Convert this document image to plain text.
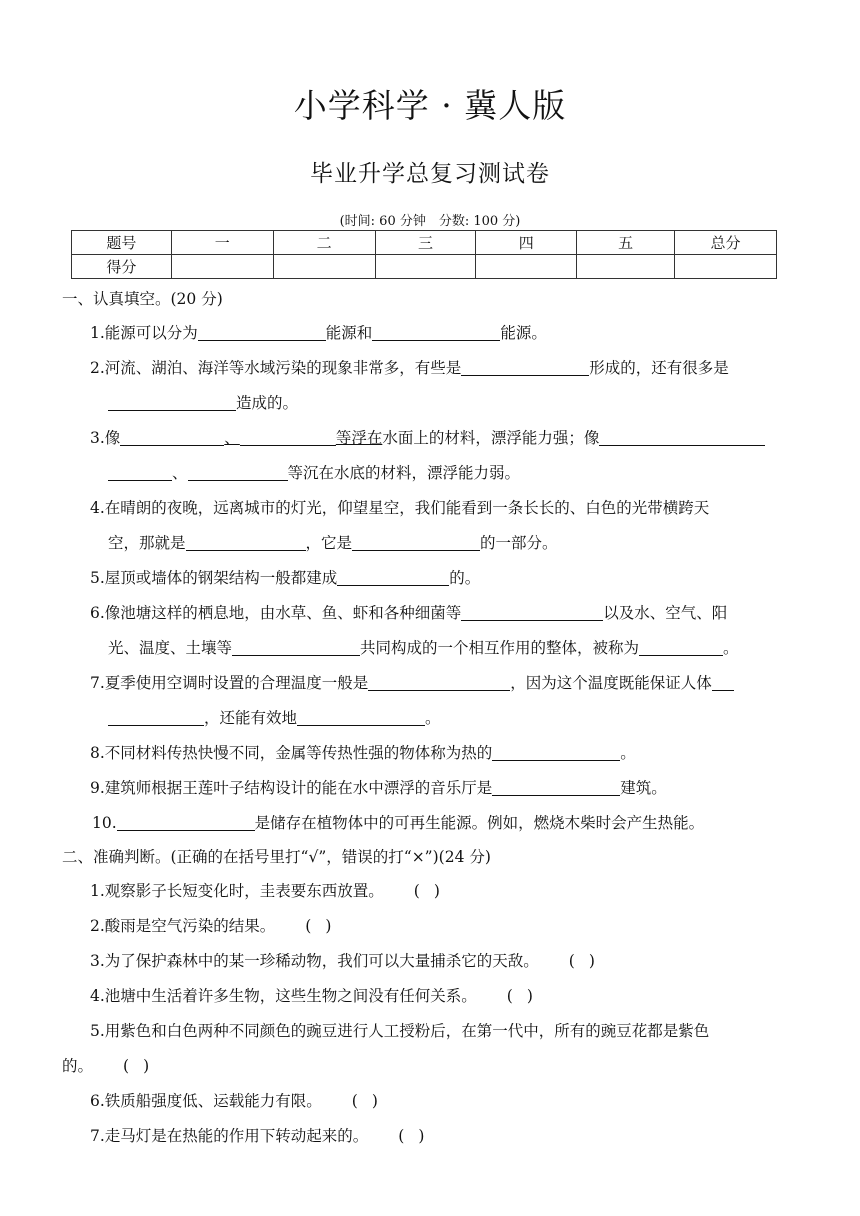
小学科学 · 冀人版
毕业升学总复习测试卷
(时间: 60 分钟　分数: 100 分)
题号	一	二	三	四	五	总分
得分						
一、认真填空。(20 分)
1.能源可以分为	能源和	能源。
2.河流、湖泊、海洋等水域污染的现象非常多，有些是	形成的，还有很多是
造成的。
3.像	、	等浮在水面上的材料，漂浮能力强；像
、	等沉在水底的材料，漂浮能力弱。
4.在晴朗的夜晚，远离城市的灯光，仰望星空，我们能看到一条长长的、白色的光带横跨天
空，那就是	，它是	的一部分。
5.屋顶或墙体的钢架结构一般都建成	的。
6.像池塘这样的栖息地，由水草、鱼、虾和各种细菌等	以及水、空气、阳
光、温度、土壤等	共同构成的一个相互作用的整体，被称为	。
7.夏季使用空调时设置的合理温度一般是	，因为这个温度既能保证人体
，还能有效地	。
8.不同材料传热快慢不同，金属等传热性强的物体称为热的	。
9.建筑师根据王莲叶子结构设计的能在水中漂浮的音乐厅是	建筑。
10.	是储存在植物体中的可再生能源。例如，燃烧木柴时会产生热能。
二、准确判断。(正确的在括号里打“√”，错误的打“×”)(24 分)
1.观察影子长短变化时，圭表要东西放置。 ()
2.酸雨是空气污染的结果。 ()
3.为了保护森林中的某一珍稀动物，我们可以大量捕杀它的天敌。 ()
4.池塘中生活着许多生物，这些生物之间没有任何关系。 ()
5.用紫色和白色两种不同颜色的豌豆进行人工授粉后，在第一代中，所有的豌豆花都是紫色
的。 ()
6.铁质船强度低、运载能力有限。 ()
7.走马灯是在热能的作用下转动起来的。 ()
